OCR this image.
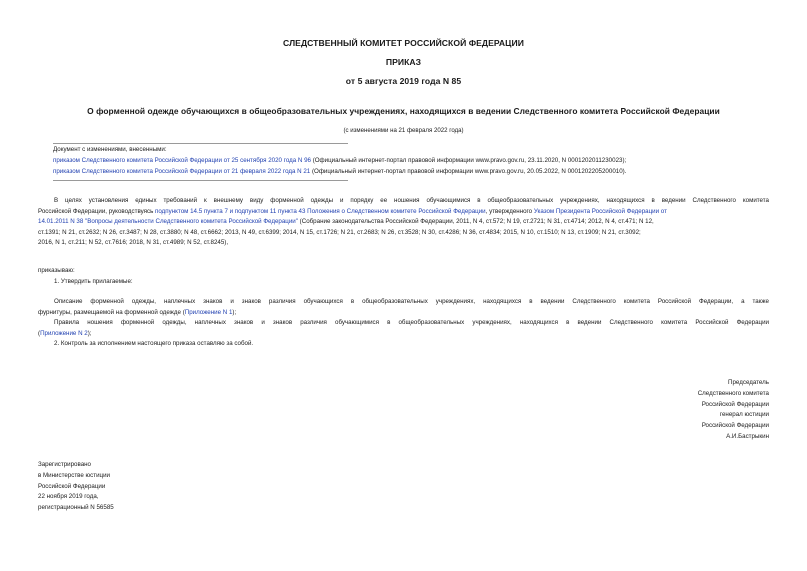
СЛЕДСТВЕННЫЙ КОМИТЕТ РОССИЙСКОЙ ФЕДЕРАЦИИ
ПРИКАЗ
от 5 августа 2019 года N 85
О форменной одежде обучающихся в общеобразовательных учреждениях, находящихся в ведении Следственного комитета Российской Федерации
(с изменениями на 21 февраля 2022 года)
Документ с изменениями, внесенными:
приказом Следственного комитета Российской Федерации от 25 сентября 2020 года N 96 (Официальный интернет-портал правовой информации www.pravo.gov.ru, 23.11.2020, N 0001202011230023);
приказом Следственного комитета Российской Федерации от 21 февраля 2022 года N 21 (Официальный интернет-портал правовой информации www.pravo.gov.ru, 20.05.2022, N 0001202205200010).
В целях установления единых требований к внешнему виду форменной одежды и порядку ее ношения обучающимися в общеобразовательных учреждениях, находящихся в ведении Следственного комитета
Российской Федерации, руководствуясь подпунктом 14.5 пункта 7 и подпунктом 11 пункта 43 Положения о Следственном комитете Российской Федерации, утвержденного Указом Президента Российской Федерации от
14.01.2011 N 38 "Вопросы деятельности Следственного комитета Российской Федерации" (Собрание законодательства Российской Федерации, 2011, N 4, ст.572; N 19, ст.2721; N 31, ст.4714; 2012, N 4, ст.471; N 12,
ст.1391; N 21, ст.2632; N 26, ст.3487; N 28, ст.3880; N 48, ст.6662; 2013, N 49, ст.6399; 2014, N 15, ст.1726; N 21, ст.2683; N 26, ст.3528; N 30, ст.4286; N 36, ст.4834; 2015, N 10, ст.1510; N 13, ст.1909; N 21, ст.3092;
2016, N 1, ст.211; N 52, ст.7616; 2018, N 31, ст.4989; N 52, ст.8245),
приказываю:
1. Утвердить прилагаемые:
Описание форменной одежды, наплечных знаков и знаков различия обучающихся в общеобразовательных учреждениях, находящихся в ведении Следственного комитета Российской Федерации, а также
фурнитуры, размещаемой на форменной одежде (Приложение N 1);
Правила ношения форменной одежды, наплечных знаков и знаков различия обучающимися в общеобразовательных учреждениях, находящихся в ведении Следственного комитета Российской Федерации
(Приложение N 2);
2. Контроль за исполнением настоящего приказа оставляю за собой.
Председатель
Следственного комитета
Российской Федерации
генерал юстиции
Российской Федерации
А.И.Бастрыкин
Зарегистрировано
в Министерстве юстиции
Российской Федерации
22 ноября 2019 года,
регистрационный N 56585
